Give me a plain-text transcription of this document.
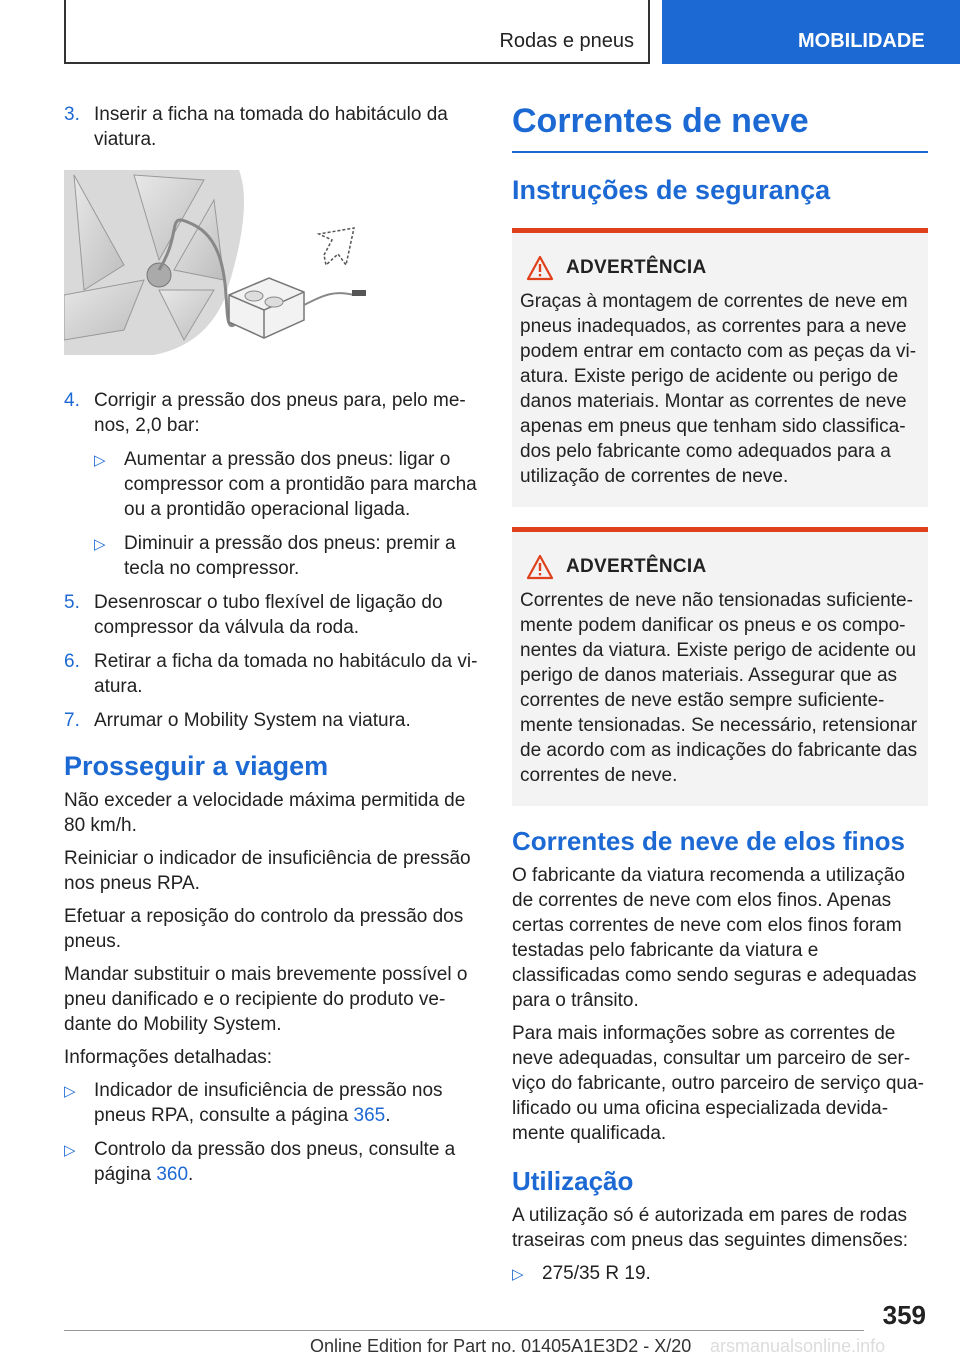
Rodas e pneus	MOBILIDADE
3. Inserir a ficha na tomada do habitáculo da viatura.
4. Corrigir a pressão dos pneus para, pelo menos, 2,0 bar:
▷ Aumentar a pressão dos pneus: ligar o compressor com a prontidão para marcha ou a prontidão operacional ligada.
▷ Diminuir a pressão dos pneus: premir a tecla no compressor.
5. Desenroscar o tubo flexível de ligação do compressor da válvula da roda.
6. Retirar a ficha da tomada no habitáculo da viatura.
7. Arrumar o Mobility System na viatura.
Prosseguir a viagem

Não exceder a velocidade máxima permitida de 80 km/h.

Reiniciar o indicador de insuficiência de pressão nos pneus RPA.

Efetuar a reposição do controlo da pressão dos pneus.

Mandar substituir o mais brevemente possível o pneu danificado e o recipiente do produto vedante do Mobility System.

Informações detalhadas:

▷ Indicador de insuficiência de pressão nos pneus RPA, consulte a página 365.
▷ Controlo da pressão dos pneus, consulte a página 360.
Correntes de neve
Instruções de segurança
ADVERTÊNCIA

Graças à montagem de correntes de neve em pneus inadequados, as correntes para a neve podem entrar em contacto com as peças da viatura. Existe perigo de acidente ou perigo de danos materiais. Montar as correntes de neve apenas em pneus que tenham sido classificados pelo fabricante como adequados para a utilização de correntes de neve.

ADVERTÊNCIA

Correntes de neve não tensionadas suficientemente podem danificar os pneus e os componentes da viatura. Existe perigo de acidente ou perigo de danos materiais. Assegurar que as correntes de neve estão sempre suficientemente tensionadas. Se necessário, retensionar de acordo com as indicações do fabricante das correntes de neve.

Correntes de neve de elos finos

O fabricante da viatura recomenda a utilização de correntes de neve com elos finos. Apenas certas correntes de neve com elos finos foram testadas pelo fabricante da viatura e classificadas como sendo seguras e adequadas para o trânsito.

Para mais informações sobre as correntes de neve adequadas, consultar um parceiro de serviço do fabricante, outro parceiro de serviço qualificado ou uma oficina especializada devidamente qualificada.

Utilização

A utilização só é autorizada em pares de rodas traseiras com pneus das seguintes dimensões:

▷ 275/35 R 19.
359
Online Edition for Part no. 01405A1E3D2 - X/20 arsmanualsonline.info
